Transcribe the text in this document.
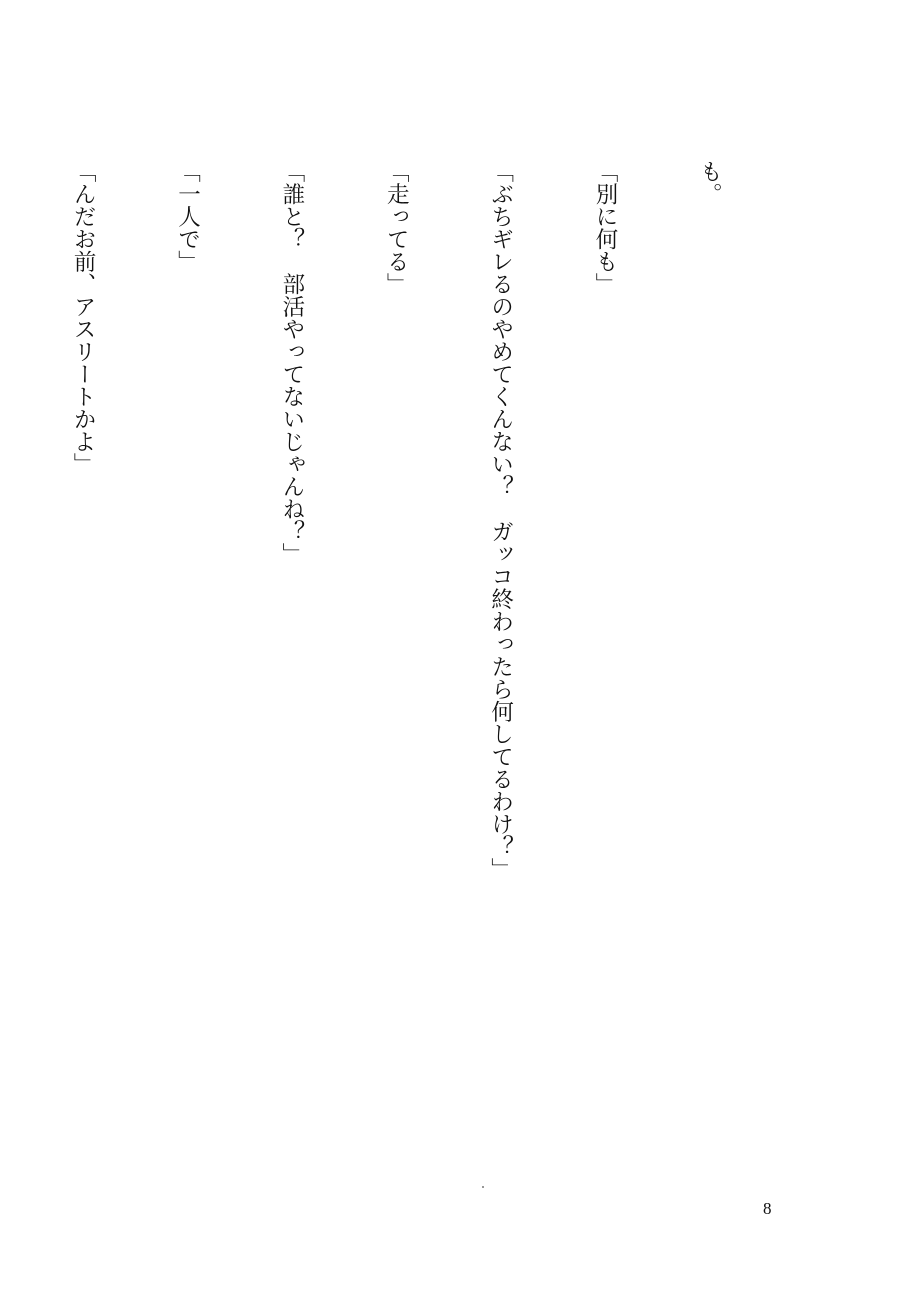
も。

「別に何も」

「ぶちギレるのやめてくんない？　ガッコ終わったら何してるわけ？」

「走ってる」

「誰と？　部活やってないじゃんね？」

「一人で」

「んだお前、アスリートかよ」

8
